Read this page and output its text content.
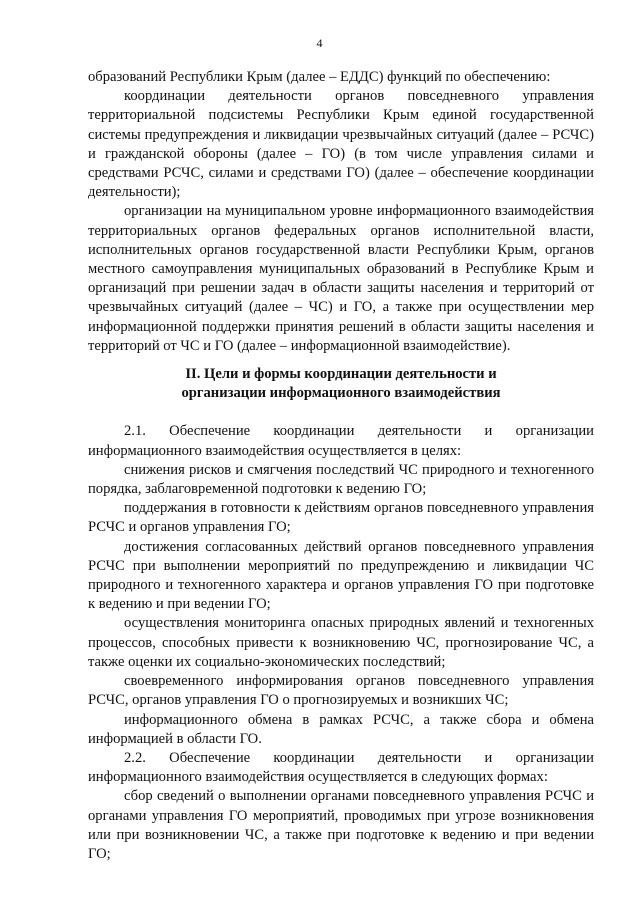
4

образований Республики Крым (далее – ЕДДС) функций по обеспечению:

координации деятельности органов повседневного управления территориальной подсистемы Республики Крым единой государственной системы предупреждения и ликвидации чрезвычайных ситуаций (далее – РСЧС) и гражданской обороны (далее – ГО) (в том числе управления силами и средствами РСЧС, силами и средствами ГО) (далее – обеспечение координации деятельности);

организации на муниципальном уровне информационного взаимодействия территориальных органов федеральных органов исполнительной власти, исполнительных органов государственной власти Республики Крым, органов местного самоуправления муниципальных образований в Республике Крым и организаций при решении задач в области защиты населения и территорий от чрезвычайных ситуаций (далее – ЧС) и ГО, а также при осуществлении мер информационной поддержки принятия решений в области защиты населения и территорий от ЧС и ГО (далее – информационной взаимодействие).

II. Цели и формы координации деятельности и
организации информационного взаимодействия

2.1. Обеспечение координации деятельности и организации информационного взаимодействия осуществляется в целях:

снижения рисков и смягчения последствий ЧС природного и техногенного порядка, заблаговременной подготовки к ведению ГО;

поддержания в готовности к действиям органов повседневного управления РСЧС и органов управления ГО;

достижения согласованных действий органов повседневного управления РСЧС при выполнении мероприятий по предупреждению и ликвидации ЧС природного и техногенного характера и органов управления ГО при подготовке к ведению и при ведении ГО;

осуществления мониторинга опасных природных явлений и техногенных процессов, способных привести к возникновению ЧС, прогнозирование ЧС, а также оценки их социально-экономических последствий;

своевременного информирования органов повседневного управления РСЧС, органов управления ГО о прогнозируемых и возникших ЧС;

информационного обмена в рамках РСЧС, а также сбора и обмена информацией в области ГО.

2.2. Обеспечение координации деятельности и организации информационного взаимодействия осуществляется в следующих формах:

сбор сведений о выполнении органами повседневного управления РСЧС и органами управления ГО мероприятий, проводимых при угрозе возникновения или при возникновении ЧС, а также при подготовке к ведению и при ведении ГО;
